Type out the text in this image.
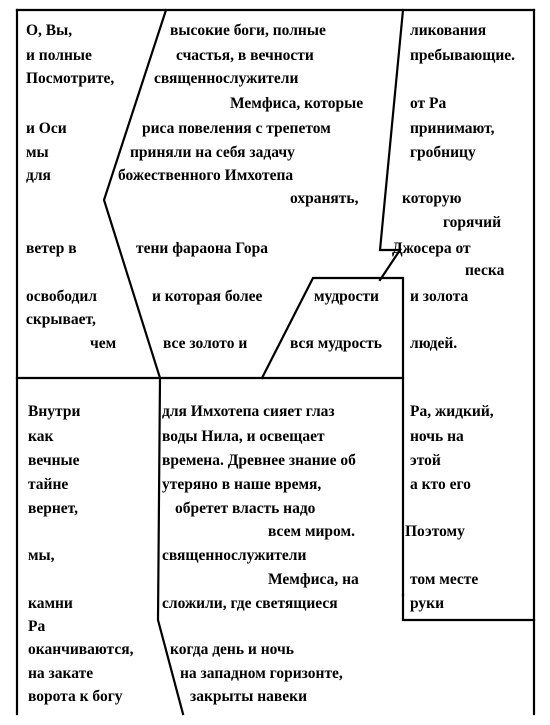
О, Вы,
и полные
Посмотрите,
и Оси
мы
для
ветер в
освободил
скрывает,
чем
высокие боги, полные
счастья, в вечности
священнослужители
Мемфиса, которые
риса повеления с трепетом
приняли на себя задачу
божественного Имхотепа
охранять,
тени фараона Гора
и которая более
все золото и
мудрости
вся мудрость
ликования
пребывающие.
от Ра
принимают,
гробницу
которую
горячий
Джосера от
песка
и золота
людей.
Внутри
как
вечные
тайне
вернет,
мы,
камни
Ра
оканчиваются,
на закате
ворота к богу
для Имхотепа сияет глаз
воды Нила, и освещает
времена. Древнее знание об
утеряно в наше время,
обретет власть надо
всем миром.
священнослужители
Мемфиса, на
сложили, где светящиеся
когда день и ночь
на западном горизонте,
закрыты навеки
Ра, жидкий,
ночь на
этой
а кто его
Поэтому
том месте
руки
